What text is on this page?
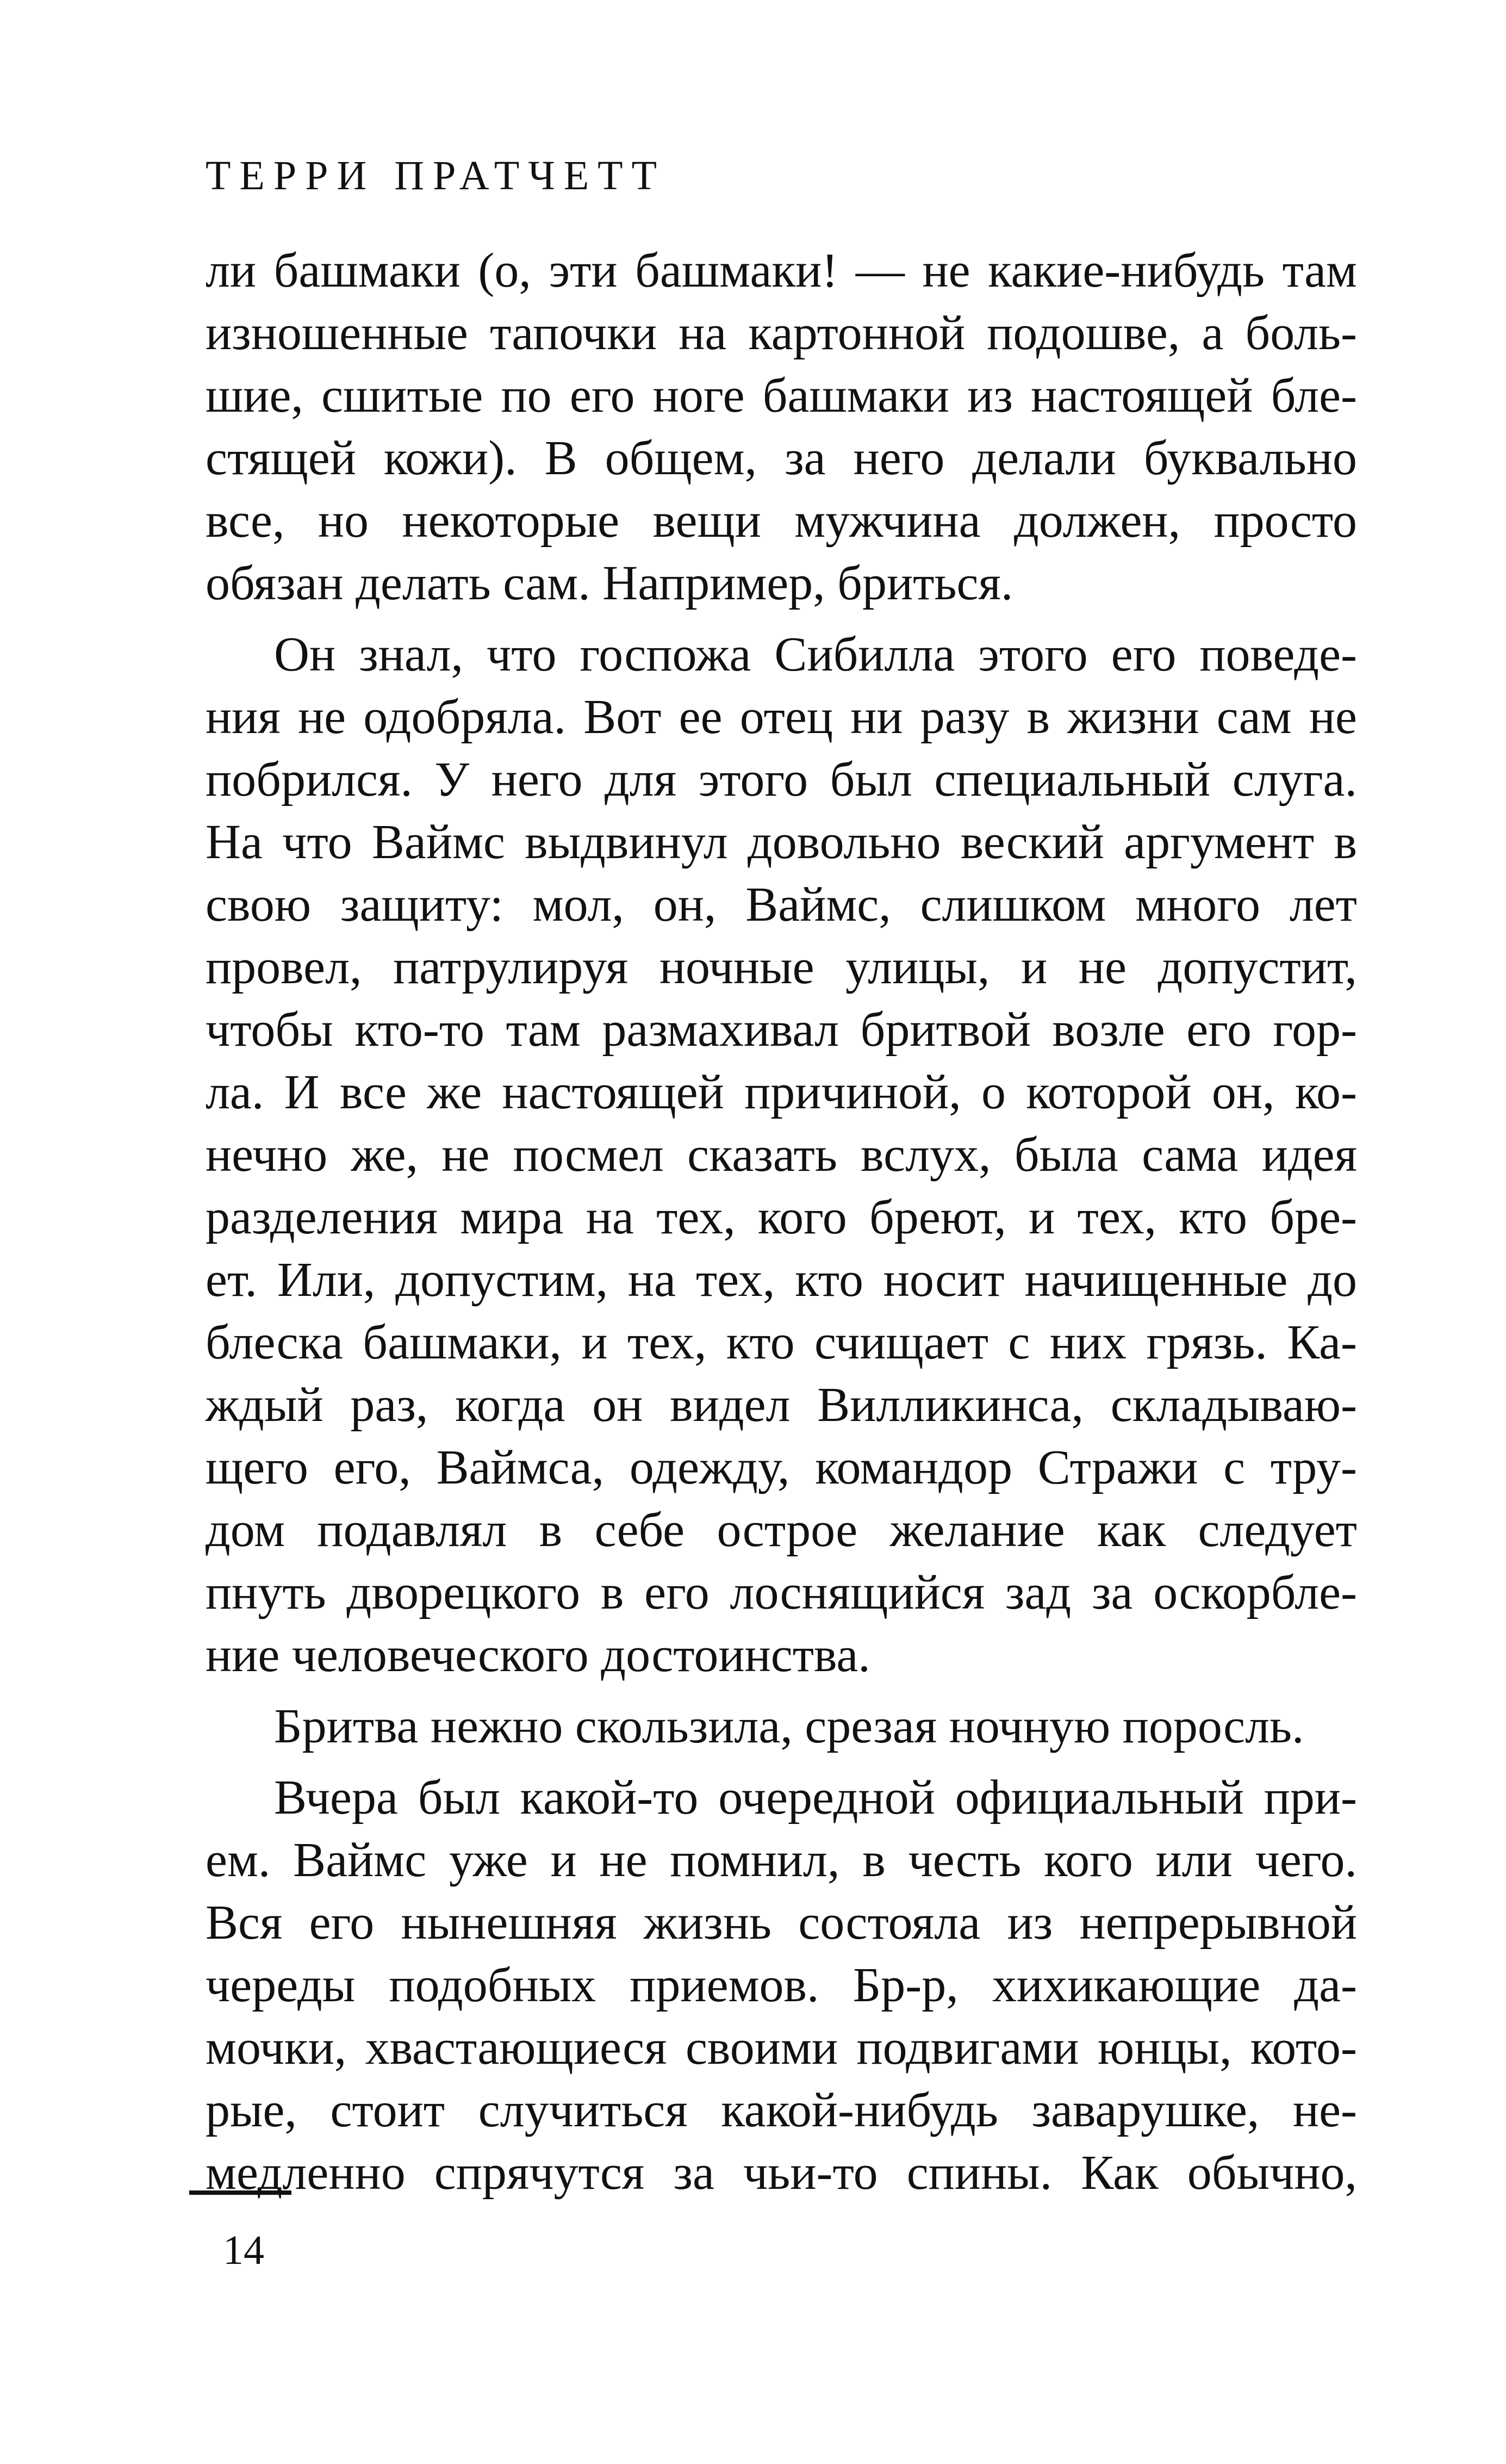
ТЕРРИ ПРАТЧЕТТ
ли башмаки (о, эти башмаки! — не какие-нибудь там
изношенные тапочки на картонной подошве, а боль-
шие, сшитые по его ноге башмаки из настоящей бле-
стящей кожи). В общем, за него делали буквально
все, но некоторые вещи мужчина должен, просто
обязан делать сам. Например, бриться.
Он знал, что госпожа Сибилла этого его поведе-
ния не одобряла. Вот ее отец ни разу в жизни сам не
побрился. У него для этого был специальный слуга.
На что Ваймс выдвинул довольно веский аргумент в
свою защиту: мол, он, Ваймс, слишком много лет
провел, патрулируя ночные улицы, и не допустит,
чтобы кто-то там размахивал бритвой возле его гор-
ла. И все же настоящей причиной, о которой он, ко-
нечно же, не посмел сказать вслух, была сама идея
разделения мира на тех, кого бреют, и тех, кто бре-
ет. Или, допустим, на тех, кто носит начищенные до
блеска башмаки, и тех, кто счищает с них грязь. Ка-
ждый раз, когда он видел Вилликинса, складываю-
щего его, Ваймса, одежду, командор Стражи с тру-
дом подавлял в себе острое желание как следует
пнуть дворецкого в его лоснящийся зад за оскорбле-
ние человеческого достоинства.
Бритва нежно скользила, срезая ночную поросль.
Вчера был какой-то очередной официальный при-
ем. Ваймс уже и не помнил, в честь кого или чего.
Вся его нынешняя жизнь состояла из непрерывной
череды подобных приемов. Бр-р, хихикающие да-
мочки, хвастающиеся своими подвигами юнцы, кото-
рые, стоит случиться какой-нибудь заварушке, не-
медленно спрячутся за чьи-то спины. Как обычно,
14
